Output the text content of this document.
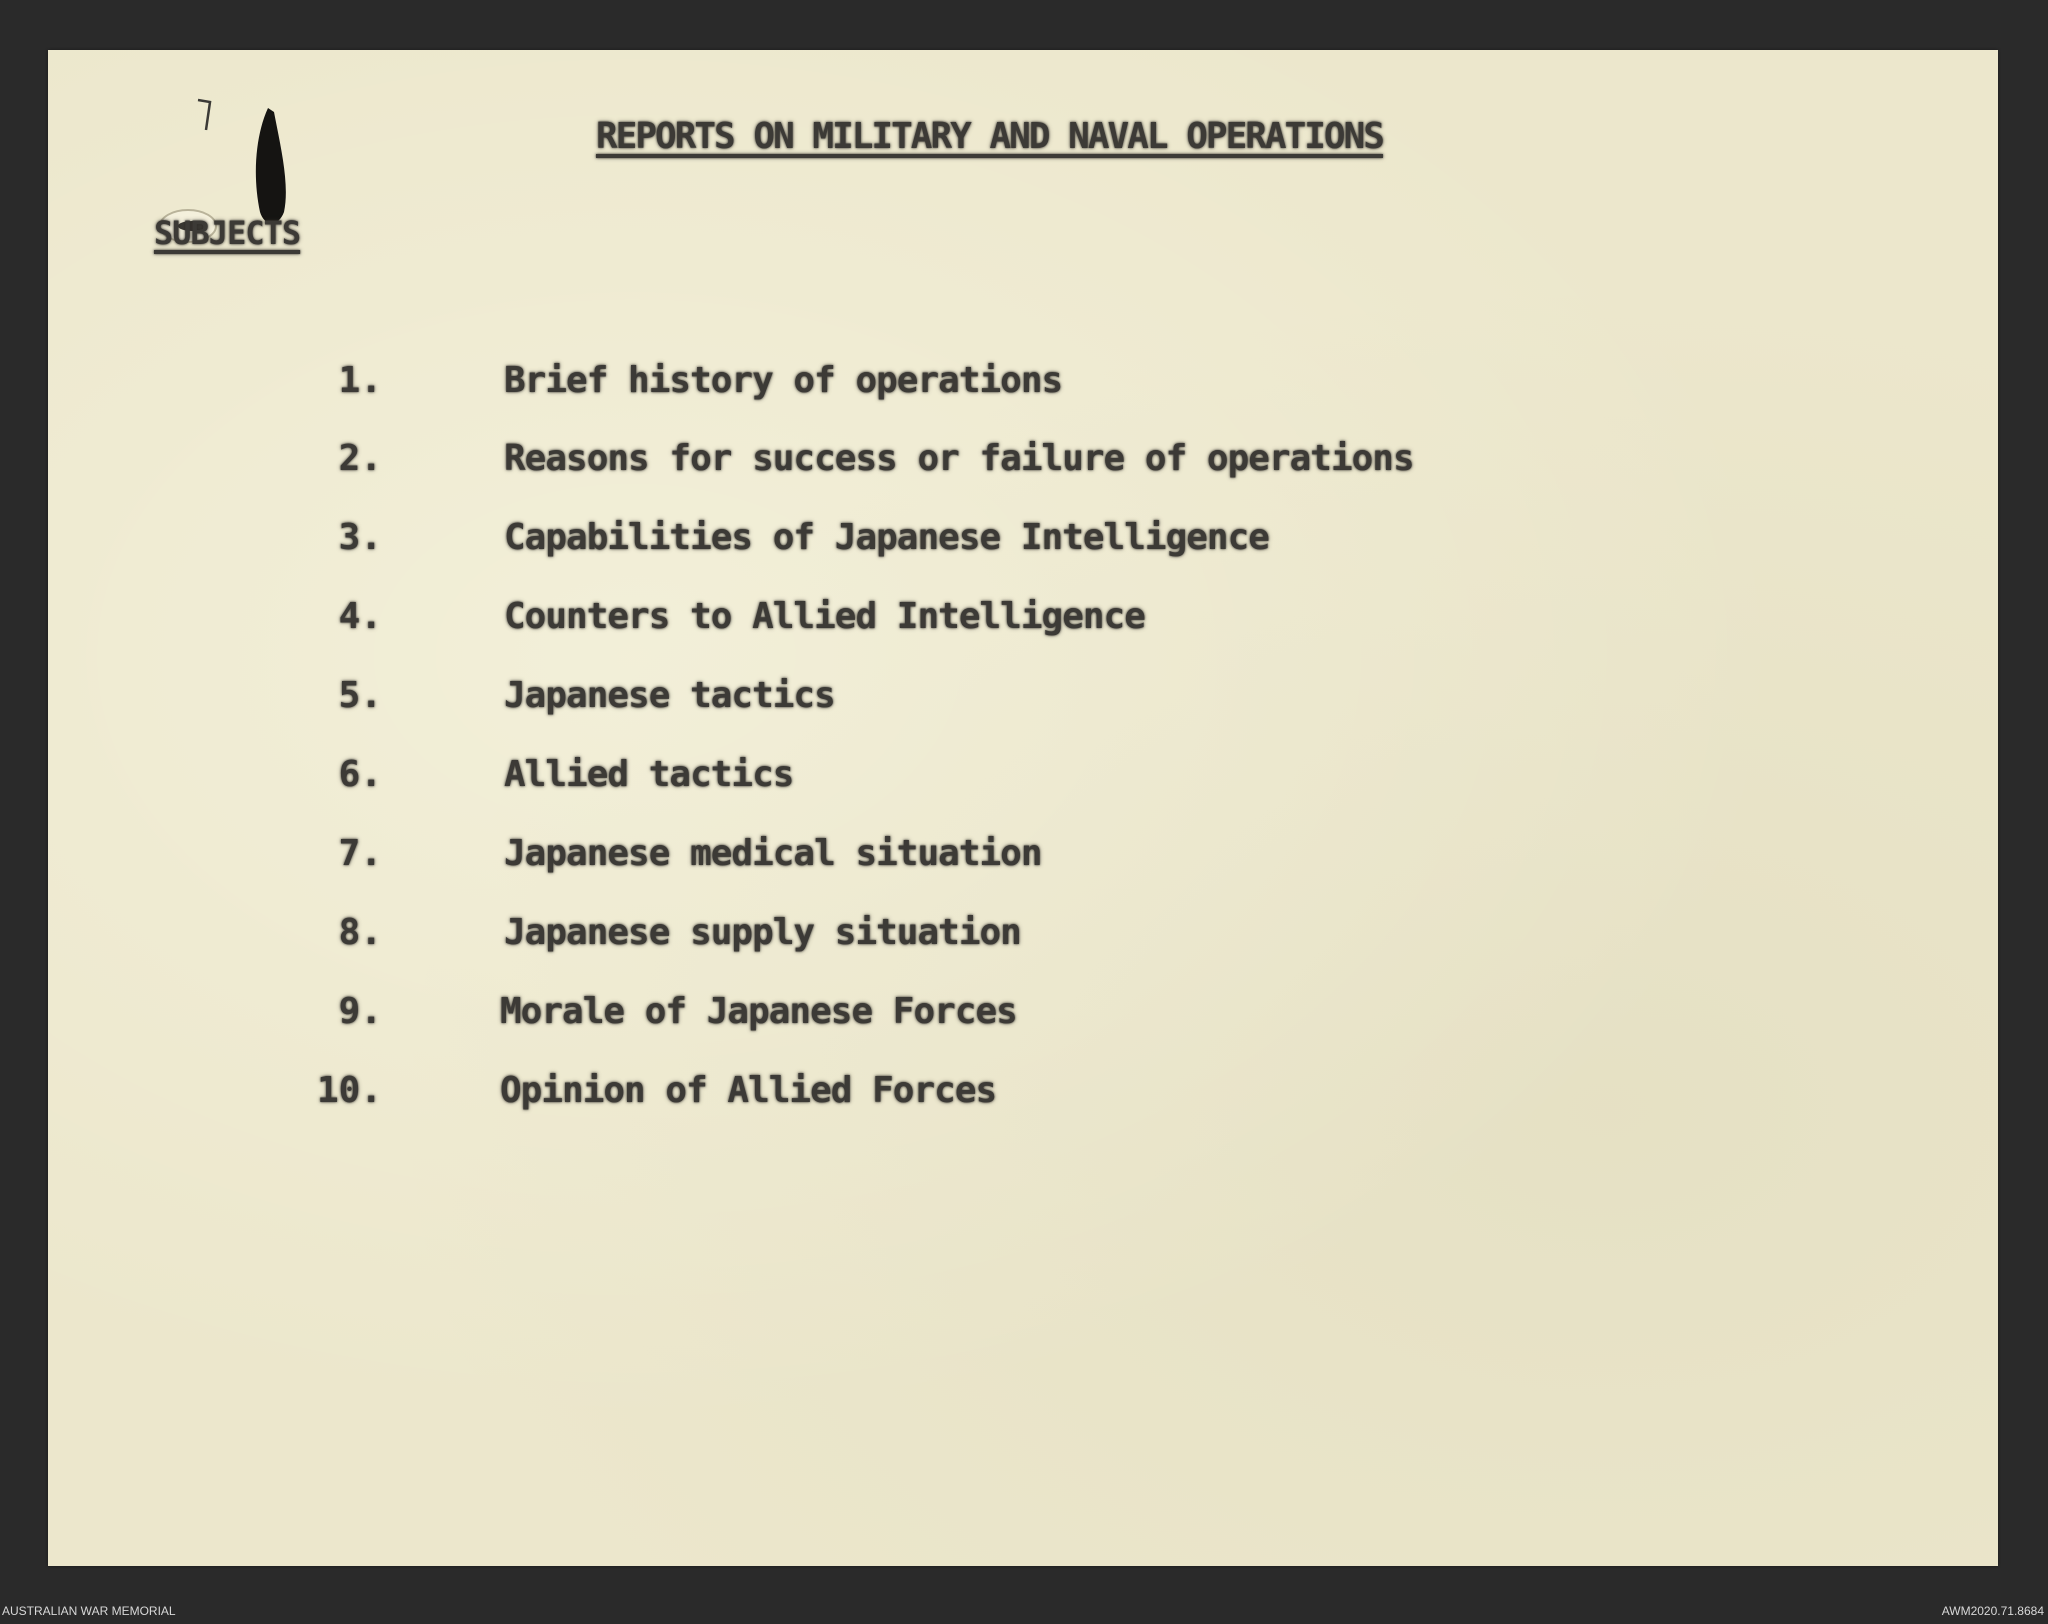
REPORTS ON MILITARY AND NAVAL OPERATIONS
SUBJECTS
1.	Brief history of operations
2.	Reasons for success or failure of operations
3.	Capabilities of Japanese Intelligence
4.	Counters to Allied Intelligence
5.	Japanese tactics
6.	Allied tactics
7.	Japanese medical situation
8.	Japanese supply situation
9.	Morale of Japanese Forces
10.	Opinion of Allied Forces
AUSTRALIAN WAR MEMORIAL	AWM2020.71.8684
